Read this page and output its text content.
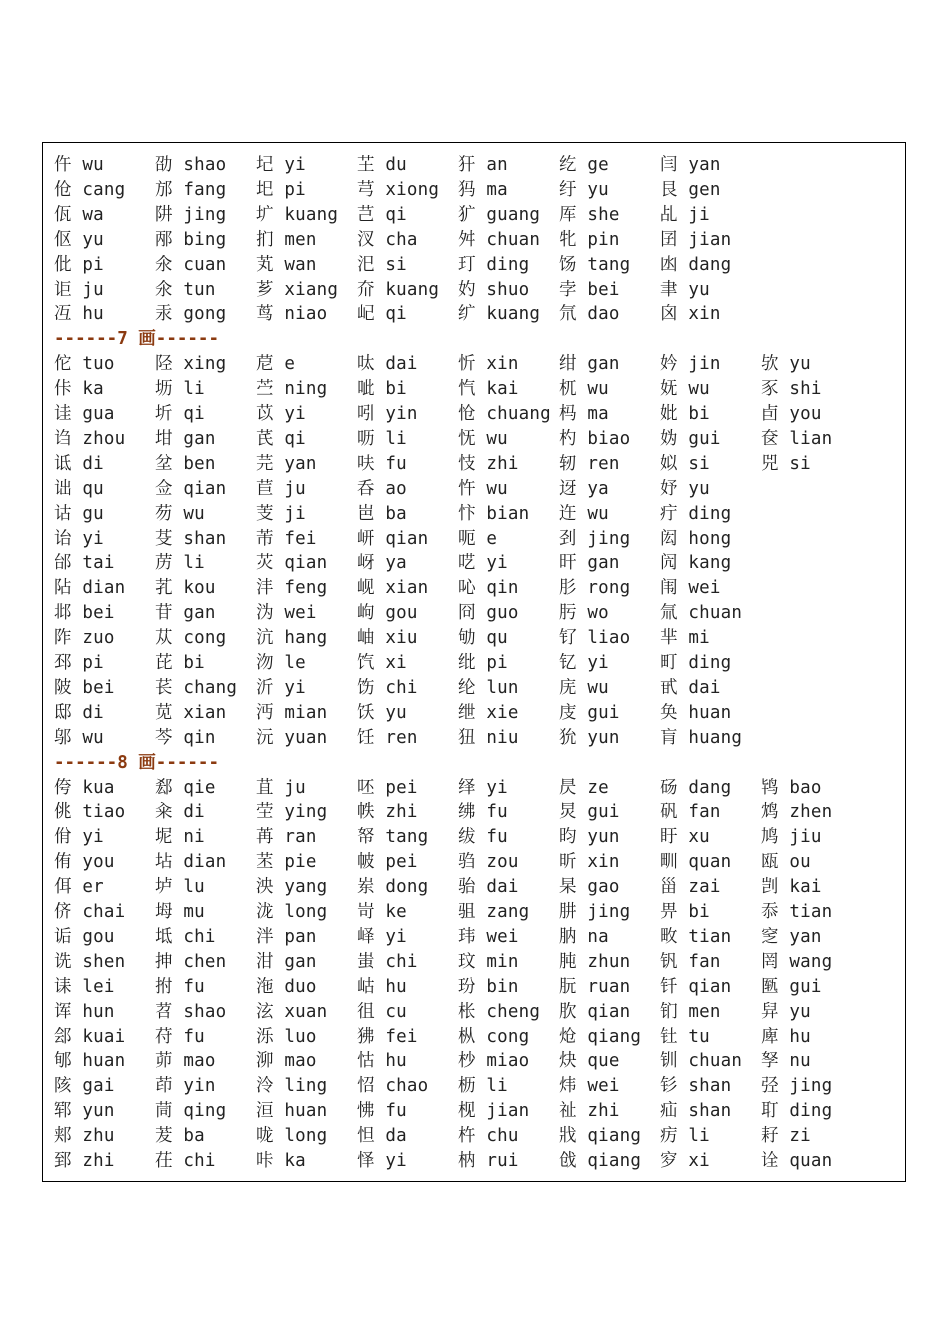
仵 wu	劭 shao 圮 yi	芏 du	犴 an	纥 ge	闫 yan
伧 cang 邡 fang 圯 pi	芎 xiong 犸 ma	纡 yu	艮 gen
佤 wa	阱 jing 圹 kuang 芑 qi	犷 guang 厍 she 乩 ji
伛 yu	邴 bing 扪 men 汊 cha 舛 chuan 牝 pin 囝 jian
仳 pi	氽 cuan 芄 wan 汜 si	玎 ding 饧 tang 凼 dang
讵 ju	氽 tun 芗 xiang 夼 kuang 妁 shuo 孛 bei 聿 yu
冱 hu	汞 gong 茑 niao 屺 qi	纩 kuang 氘 dao 囟 xin
------7 画------
佗 tuo 陉 xing 苨 e	呔 dai 忻 xin 绀 gan 妗 jin 欤 yu
佧 ka	坜 li	苎 ning 呲 bi	忾 kai 杌 wu	妩 wu	豕 shi
诖 gua 圻 qi	苡 yi	吲 yin 怆 chuang 杩 ma	妣 bi	卣 you
诌 zhou 坩 gan 芪 qi	呖 li	怃 wu	杓 biao 妫 gui 奁 lian
诋 di	坌 ben 芫 yan 呋 fu	忮 zhi 轫 ren 姒 si	兕 si
诎 qu	佥 qian 苣 ju	呑 ao	忤 wu	迓 ya	妤 yu
诂 gu	芴 wu	芰 ji	岜 ba	忭 bian 迕 wu	疔 ding
诒 yi	芟 shan 芾 fei 岍 qian 呃 e	刭 jing 闳 hong
邰 tai 苈 li	苂 qian 岈 ya	呓 yi	旰 gan 闶 kang
阽 dian 芤 kou 沣 feng 岘 xian 吣 qin 肜 rong 闱 wei
邶 bei 苷 gan 沩 wei 岣 gou 冏 guo 肟 wo	氚 chuan
阼 zuo 苁 cong 沆 hang 岫 xiu 劬 qu	钌 liao 芈 mi
邳 pi	芘 bi	沕 le	饩 xi	纰 pi	钇 yi	町 ding
陂 bei 苌 chang 沂 yi	饬 chi 纶 lun 庑 wu	甙 dai
邸 di	苋 xian 沔 mian 饫 yu	绁 xie 庋 gui 奂 huan
邬 wu	芩 qin 沅 yuan 饪 ren 狃 niu 狁 yun 肓 huang
------8 画------
侉 kua 郄 qie 苴 ju	呸 pei 绎 yi	昃 ze	砀 dang 鸨 bao
佻 tiao 籴 di	茔 ying 帙 zhi 绋 fu	炅 gui 矾 fan 鸩 zhen
佾 yi	坭 ni	苒 ran 帑 tang 绂 fu	昀 yun 盱 xu	鸠 jiu
侑 you 坫 dian 苤 pie 帔 pei 驺 zou 昕 xin 甽 quan 瓯 ou
佴 er	垆 lu	泱 yang 岽 dong 骀 dai 杲 gao 甾 zai 剀 kai
侪 chai 坶 mu	泷 long 岢 ke	驵 zang 肼 jing 畀 bi	忝 tian
诟 gou 坻 chi 泮 pan 峄 yi	玮 wei 肭 na	畋 tian 窆 yan
诜 shen 抻 chen 泔 gan 蚩 chi 玟 min 肫 zhun 钒 fan 罔 wang
诔 lei 拊 fu	沲 duo 岵 hu	玢 bin 朊 ruan 钎 qian 匦 gui
诨 hun 苕 shao 泫 xuan 徂 cu	枨 cheng 肷 qian 钔 men 舁 yu
郐 kuai 苻 fu	泺 luo 狒 fei 枞 cong 炝 qiang 钍 tu	庳 hu
郇 huan 茆 mao 泖 mao 怙 hu	杪 miao 炔 que 钏 chuan 孥 nu
陔 gai 茚 yin 泠 ling 怊 chao 枥 li	炜 wei 钐 shan 弪 jing
郓 yun 茼 qing 洹 huan 怫 fu	枧 jian 祉 zhi 疝 shan 耵 ding
郏 zhu 茇 ba	咙 long 怛 da	杵 chu 戕 qiang 疠 li	耔 zi
郅 zhi 茌 chi 咔 ka	怿 yi	枘 rui 戗 qiang 穸 xi	诠 quan
